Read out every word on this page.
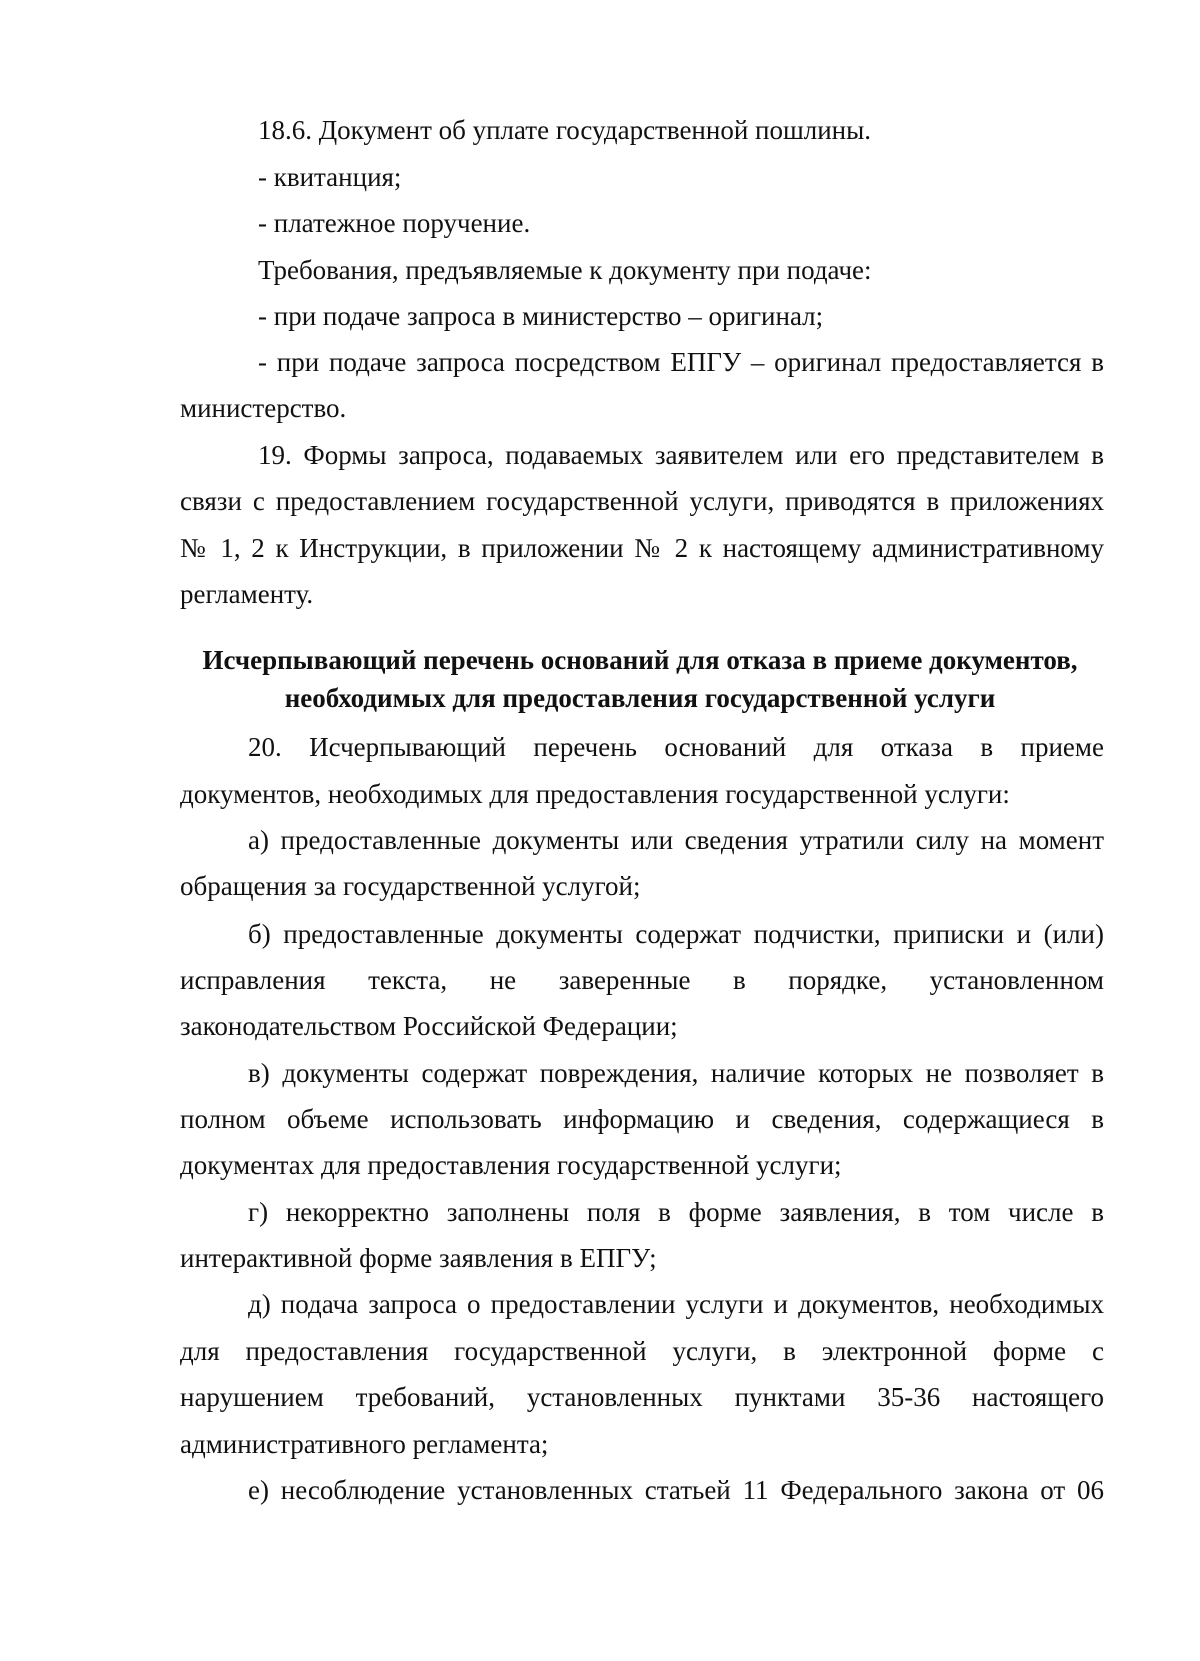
18.6. Документ об уплате государственной пошлины.
- квитанция;
- платежное поручение.
Требования, предъявляемые к документу при подаче:
- при подаче запроса в министерство – оригинал;
- при подаче запроса посредством ЕПГУ – оригинал предоставляется в
министерство.
19. Формы запроса, подаваемых заявителем или его представителем в
связи с предоставлением государственной услуги, приводятся в приложениях
№ 1, 2 к Инструкции, в приложении № 2 к настоящему административному
регламенту.
Исчерпывающий перечень оснований для отказа в приеме документов,
необходимых для предоставления государственной услуги
20. Исчерпывающий перечень оснований для отказа в приеме
документов, необходимых для предоставления государственной услуги:
а) предоставленные документы или сведения утратили силу на момент
обращения за государственной услугой;
б) предоставленные документы содержат подчистки, приписки и (или)
исправления текста, не заверенные в порядке, установленном
законодательством Российской Федерации;
в) документы содержат повреждения, наличие которых не позволяет в
полном объеме использовать информацию и сведения, содержащиеся в
документах для предоставления государственной услуги;
г) некорректно заполнены поля в форме заявления, в том числе в
интерактивной форме заявления в ЕПГУ;
д) подача запроса о предоставлении услуги и документов, необходимых
для предоставления государственной услуги, в электронной форме с
нарушением требований, установленных пунктами 35-36 настоящего
административного регламента;
е) несоблюдение установленных статьей 11 Федерального закона от 06
